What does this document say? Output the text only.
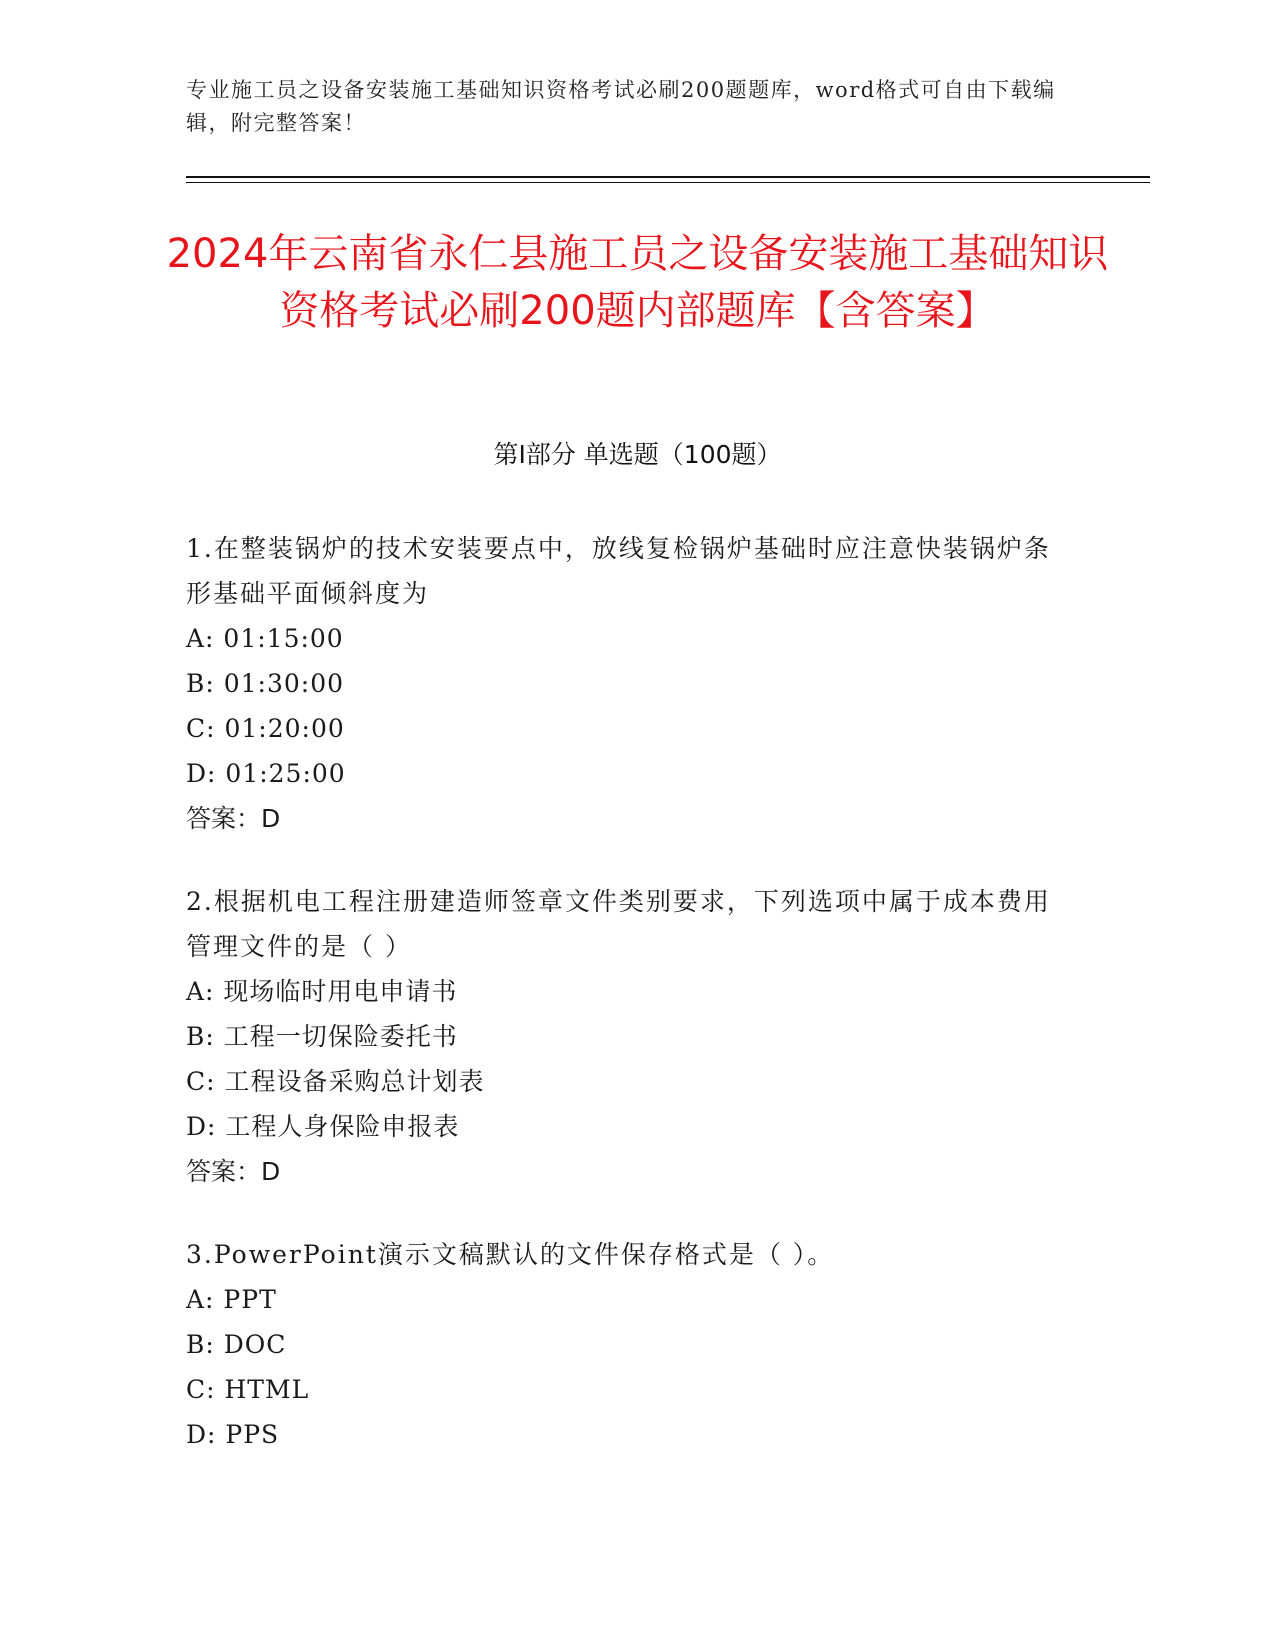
专业施工员之设备安装施工基础知识资格考试必刷200题题库，word格式可自由下载编辑，附完整答案！
2024年云南省永仁县施工员之设备安装施工基础知识资格考试必刷200题内部题库【含答案】
第Ⅰ部分 单选题（100题）

1.在整装锅炉的技术安装要点中，放线复检锅炉基础时应注意快装锅炉条形基础平面倾斜度为

A: 01:15:00

B: 01:30:00

C: 01:20:00

D: 01:25:00

答案：D

2.根据机电工程注册建造师签章文件类别要求，下列选项中属于成本费用管理文件的是（ ）

A: 现场临时用电申请书

B: 工程一切保险委托书

C: 工程设备采购总计划表

D: 工程人身保险申报表

答案：D

3.PowerPoint演示文稿默认的文件保存格式是（ ）。

A: PPT

B: DOC

C: HTML

D: PPS
